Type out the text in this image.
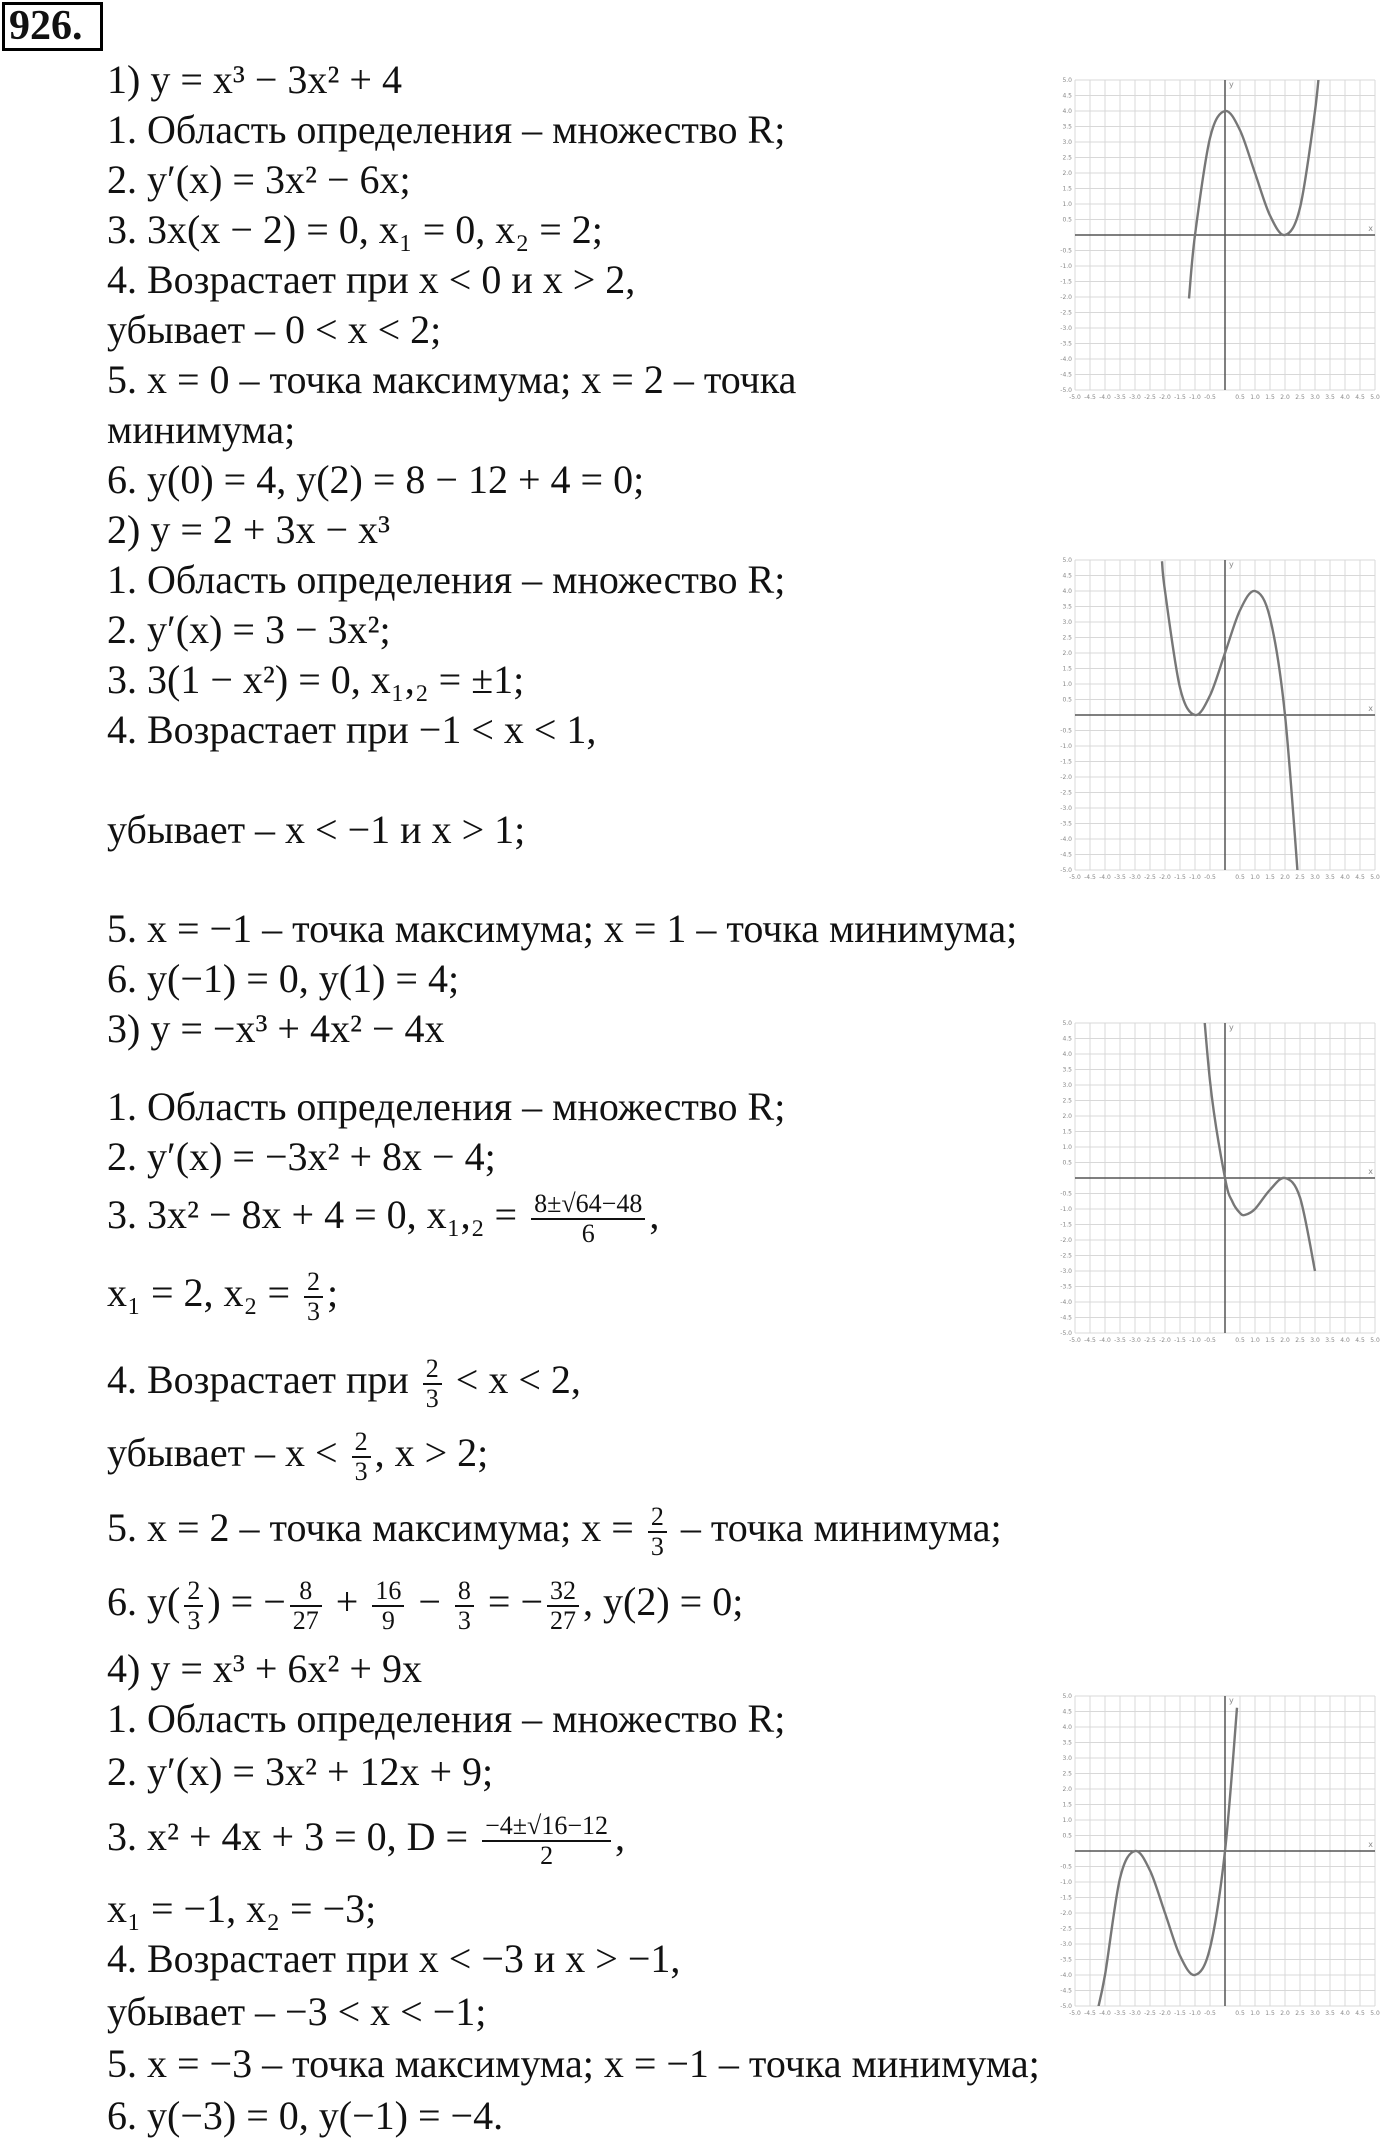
926.
1) y = x³ − 3x² + 4
1. Область определения – множество R;
2. y′(x) = 3x² − 6x;
3. 3x(x − 2) = 0, x₁ = 0, x₂ = 2;
4. Возрастает при x < 0 и x > 2,
убывает – 0 < x < 2;
5. x = 0 – точка максимума; x = 2 – точка
минимума;
6. y(0) = 4, y(2) = 8 − 12 + 4 = 0;
2) y = 2 + 3x − x³
1. Область определения – множество R;
2. y′(x) = 3 − 3x²;
3. 3(1 − x²) = 0, x₁,₂ = ±1;
4. Возрастает при −1 < x < 1,
убывает – x < −1 и x > 1;
5. x = −1 – точка максимума; x = 1 – точка минимума;
6. y(−1) = 0, y(1) = 4;
3) y = −x³ + 4x² − 4x
1. Область определения – множество R;
2. y′(x) = −3x² + 8x − 4;
3. 3x² − 8x + 4 = 0, $x_1,_2 = \frac{8\pm√64-48}{6}$ ,
x₁ = 2, $x_2 = \frac{2}{3}$ ;
4. Возрастает при $\frac{2}{3} < x < 2$,
убывает – $x < \frac{2}{3}$ , x > 2;
5. x = 2 – точка максимума; $x = \frac{2}{3}$ – точка минимума;
6. $y( \frac{2}{3}$ ) = − $\frac{8}{27} + \frac{16}{9} - \frac{8}{3}$ = − $\frac{32}{27}$ , y(2) = 0;
4) y = x³ + 6x² + 9x
1. Область определения – множество R;
2. y′(x) = 3x² + 12x + 9;
3. x² + 4x + 3 = 0, $D = \frac{-4\pm√16-12}{2}$ ,
x₁ = −1, x₂ = −3;
4. Возрастает при x < −3 и x > −1,
убывает – −3 < x < −1;
5. x = −3 – точка максимума; x = −1 – точка минимума;
6. y(−3) = 0, y(−1) = −4.
-5.0 -4.5 -4.0 -3.5 -3.0 -2.5 -2.0 -1.5 -1.0 -0.5	0.5 1.0 1.5 2.0 2.5 3.0 3.5 4.0 4.5 5.0
-5.0
-4.5
-4.0
-3.5
-3.0
-2.5
-2.0
-1.5
-1.0
-0.5
0.5
1.0
1.5
2.0
2.5
3.0
3.5
4.0
4.5
5.0
x
y
-5.0 -4.5 -4.0 -3.5 -3.0 -2.5 -2.0 -1.5 -1.0 -0.5	0.5 1.0 1.5 2.0 2.5 3.0 3.5 4.0 4.5 5.0
-5.0
-4.5
-4.0
-3.5
-3.0
-2.5
-2.0
-1.5
-1.0
-0.5
0.5
1.0
1.5
2.0
2.5
3.0
3.5
4.0
4.5
5.0
x
y
-5.0 -4.5 -4.0 -3.5 -3.0 -2.5 -2.0 -1.5 -1.0 -0.5	0.5 1.0 1.5 2.0 2.5 3.0 3.5 4.0 4.5 5.0
-5.0
-4.5
-4.0
-3.5
-3.0
-2.5
-2.0
-1.5
-1.0
-0.5
0.5
1.0
1.5
2.0
2.5
3.0
3.5
4.0
4.5
5.0
x
y
-5.0 -4.5 -4.0 -3.5 -3.0 -2.5 -2.0 -1.5 -1.0 -0.5	0.5 1.0 1.5 2.0 2.5 3.0 3.5 4.0 4.5 5.0
-5.0
-4.5
-4.0
-3.5
-3.0
-2.5
-2.0
-1.5
-1.0
-0.5
0.5
1.0
1.5
2.0
2.5
3.0
3.5
4.0
4.5
5.0
x
y
